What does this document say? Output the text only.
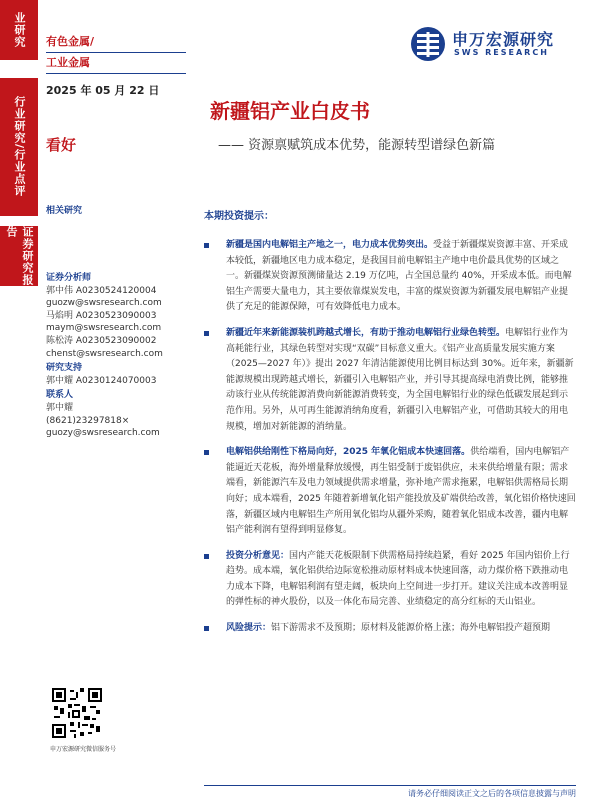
业研究
行业研究/行业点评
证券研究报告
有色金属/
工业金属
2025 年 05 月 22 日
看好
相关研究
申万宏源研究
SWS RESEARCH
新疆铝产业白皮书
—— 资源禀赋筑成本优势，能源转型谱绿色新篇
证券分析师
郭中伟 A0230524120004
guozw@swsresearch.com
马焰明 A0230523090003
maym@swsresearch.com
陈松涛 A0230523090002
chenst@swsresearch.com
研究支持
郭中耀 A0230124070003
联系人
郭中耀
(8621)23297818×
guozy@swsresearch.com
本期投资提示：
新疆是国内电解铝主产地之一，电力成本优势突出。受益于新疆煤炭资源丰富、开采成本较低，新疆地区电力成本稳定，是我国目前电解铝主产地中电价最具优势的区域之一。新疆煤炭资源预测储量达 2.19 万亿吨，占全国总量约 40%，开采成本低。而电解铝生产需要大量电力，其主要依靠煤炭发电，丰富的煤炭资源为新疆发展电解铝产业提供了充足的能源保障，可有效降低电力成本。
新疆近年来新能源装机跨越式增长，有助于推动电解铝行业绿色转型。电解铝行业作为高耗能行业，其绿色转型对实现“双碳”目标意义重大。《铝产业高质量发展实施方案（2025—2027 年）》提出 2027 年清洁能源使用比例目标达到 30%。近年来，新疆新能源规模出现跨越式增长，新疆引入电解铝产业，并引导其提高绿电消费比例，能够推动该行业从传统能源消费向新能源消费转变，为全国电解铝行业的绿色低碳发展起到示范作用。另外，从可再生能源消纳角度看，新疆引入电解铝产业，可借助其较大的用电规模，增加对新能源的消纳量。
电解铝供给刚性下格局向好，2025 年氧化铝成本快速回落。供给端看，国内电解铝产能逼近天花板，海外增量释放缓慢，再生铝受制于废铝供应，未来供给增量有限；需求端看，新能源汽车及电力领域提供需求增量，弥补地产需求拖累，电解铝供需格局长期向好；成本端看，2025 年随着新增氧化铝产能投放及矿端供给改善，氧化铝价格快速回落，新疆区域内电解铝生产所用氧化铝均从疆外采购，随着氧化铝成本改善，疆内电解铝产能利润有望得到明显修复。
投资分析意见：国内产能天花板限制下供需格局持续趋紧，看好 2025 年国内铝价上行趋势。成本端，氧化铝供给边际宽松推动原材料成本快速回落，动力煤价格下跌推动电力成本下降，电解铝利润有望走阔，板块向上空间进一步打开。建议关注成本改善明显的弹性标的神火股份，以及一体化布局完善、业绩稳定的高分红标的天山铝业。
风险提示：铝下游需求不及预期；原材料及能源价格上涨；海外电解铝投产超预期
申万宏源研究微信服务号
请务必仔细阅读正文之后的各项信息披露与声明
